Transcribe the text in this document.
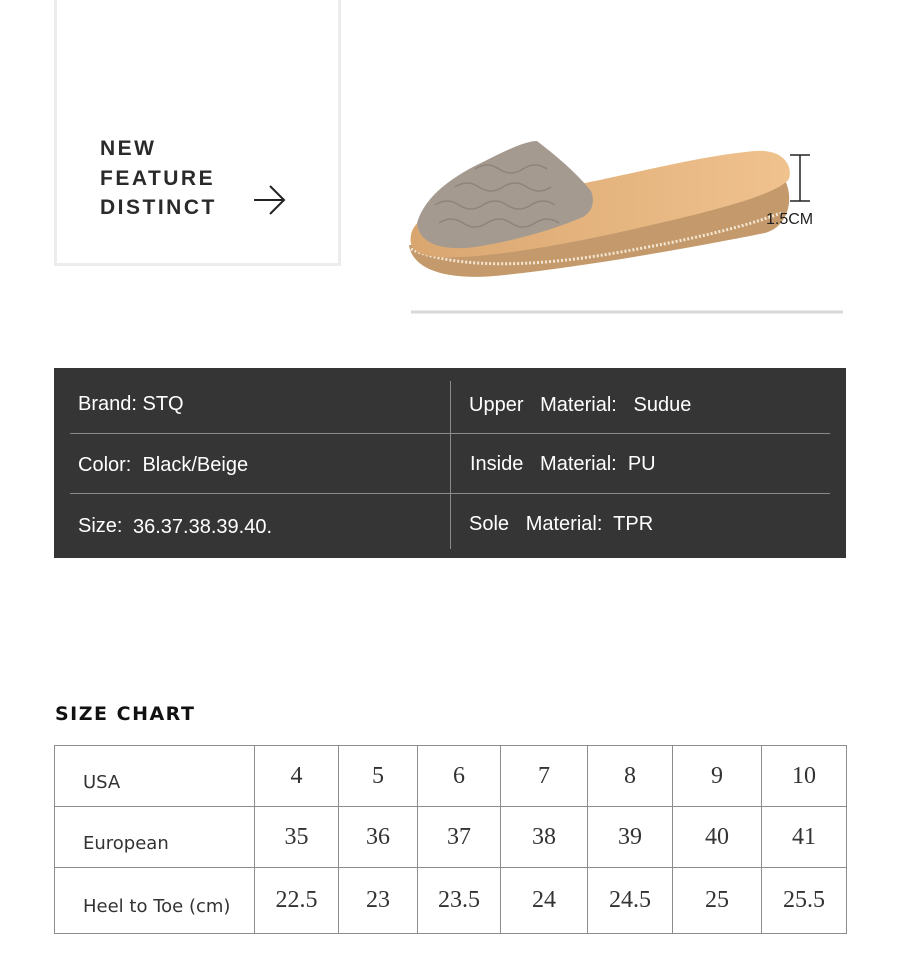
NEW
FEATURE
DISTINCT
1.5CM
Brand: STQ	Upper   Material:   Sudue
Color:  Black/Beige	Inside   Material:  PU
Size: 36.37.38.39.40.	Sole   Material:  TPR
SIZE CHART
USA	4	5	6	7	8	9	10
European	35	36	37	38	39	40	41
Heel to Toe (cm)	22.5	23	23.5	24	24.5	25	25.5
